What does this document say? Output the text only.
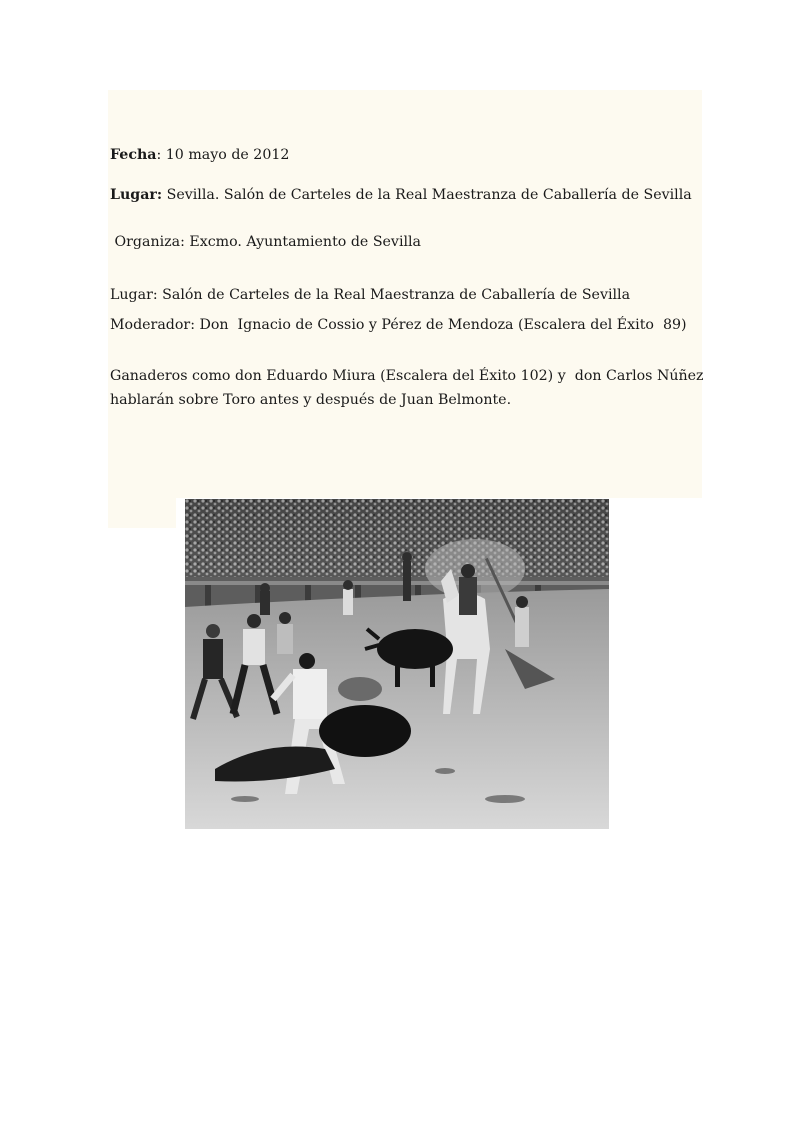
Fecha: 10 mayo de 2012
Lugar: Sevilla. Salón de Carteles de la Real Maestranza de Caballería de Sevilla
Organiza: Excmo. Ayuntamiento de Sevilla
Lugar: Salón de Carteles de la Real Maestranza de Caballería de Sevilla
Moderador: Don  Ignacio de Cossio y Pérez de Mendoza (Escalera del Éxito  89)
Ganaderos como don Eduardo Miura (Escalera del Éxito 102) y  don Carlos Núñez
hablarán sobre Toro antes y después de Juan Belmonte.
